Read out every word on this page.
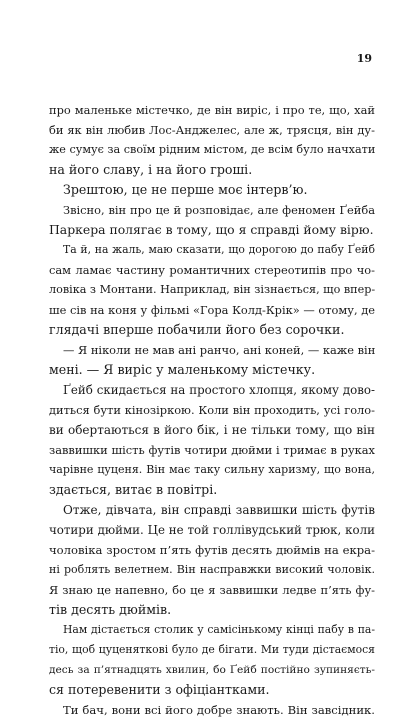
19
про маленьке містечко, де він виріс, і про те, що, хай
би як він любив Лос-Анджелес, але ж, трясця, він ду-
же сумує за своїм рідним містом, де всім було начхати
на його славу, і на його гроші.
Зрештою, це не перше моє інтерв’ю.
Звісно, він про це й розповідає, але феномен Ґейба
Паркера полягає в тому, що я справді йому вірю.
Та й, на жаль, маю сказати, що дорогою до пабу Ґейб
сам ламає частину романтичних стереотипів про чо-
ловіка з Монтани. Наприклад, він зізнається, що впер-
ше сів на коня у фільмі «Гора Колд-Крік» — отому, де
глядачі вперше побачили його без сорочки.
— Я ніколи не мав ані ранчо, ані коней, — каже він
мені. — Я виріс у маленькому містечку.
Ґейб скидається на простого хлопця, якому дово-
диться бути кінозіркою. Коли він проходить, усі голо-
ви обертаються в його бік, і не тільки тому, що він
заввишки шість футів чотири дюйми і тримає в руках
чарівне цуценя. Він має таку сильну харизму, що вона,
здається, витає в повітрі.
Отже, дівчата, він справді заввишки шість футів
чотири дюйми. Це не той голлівудський трюк, коли
чоловіка зростом п’ять футів десять дюймів на екра-
ні роблять велетнем. Він насправжки високий чоловік.
Я знаю це напевно, бо це я заввишки ледве п’ять фу-
тів десять дюймів.
Нам дістається столик у самісінькому кінці пабу в па-
тіо, щоб цуценяткові було де бігати. Ми туди дістаємося
десь за п’ятнадцять хвилин, бо Ґейб постійно зупиняєть-
ся потеревенити з офіціантками.
Ти бач, вони всі його добре знають. Він завсідник.
